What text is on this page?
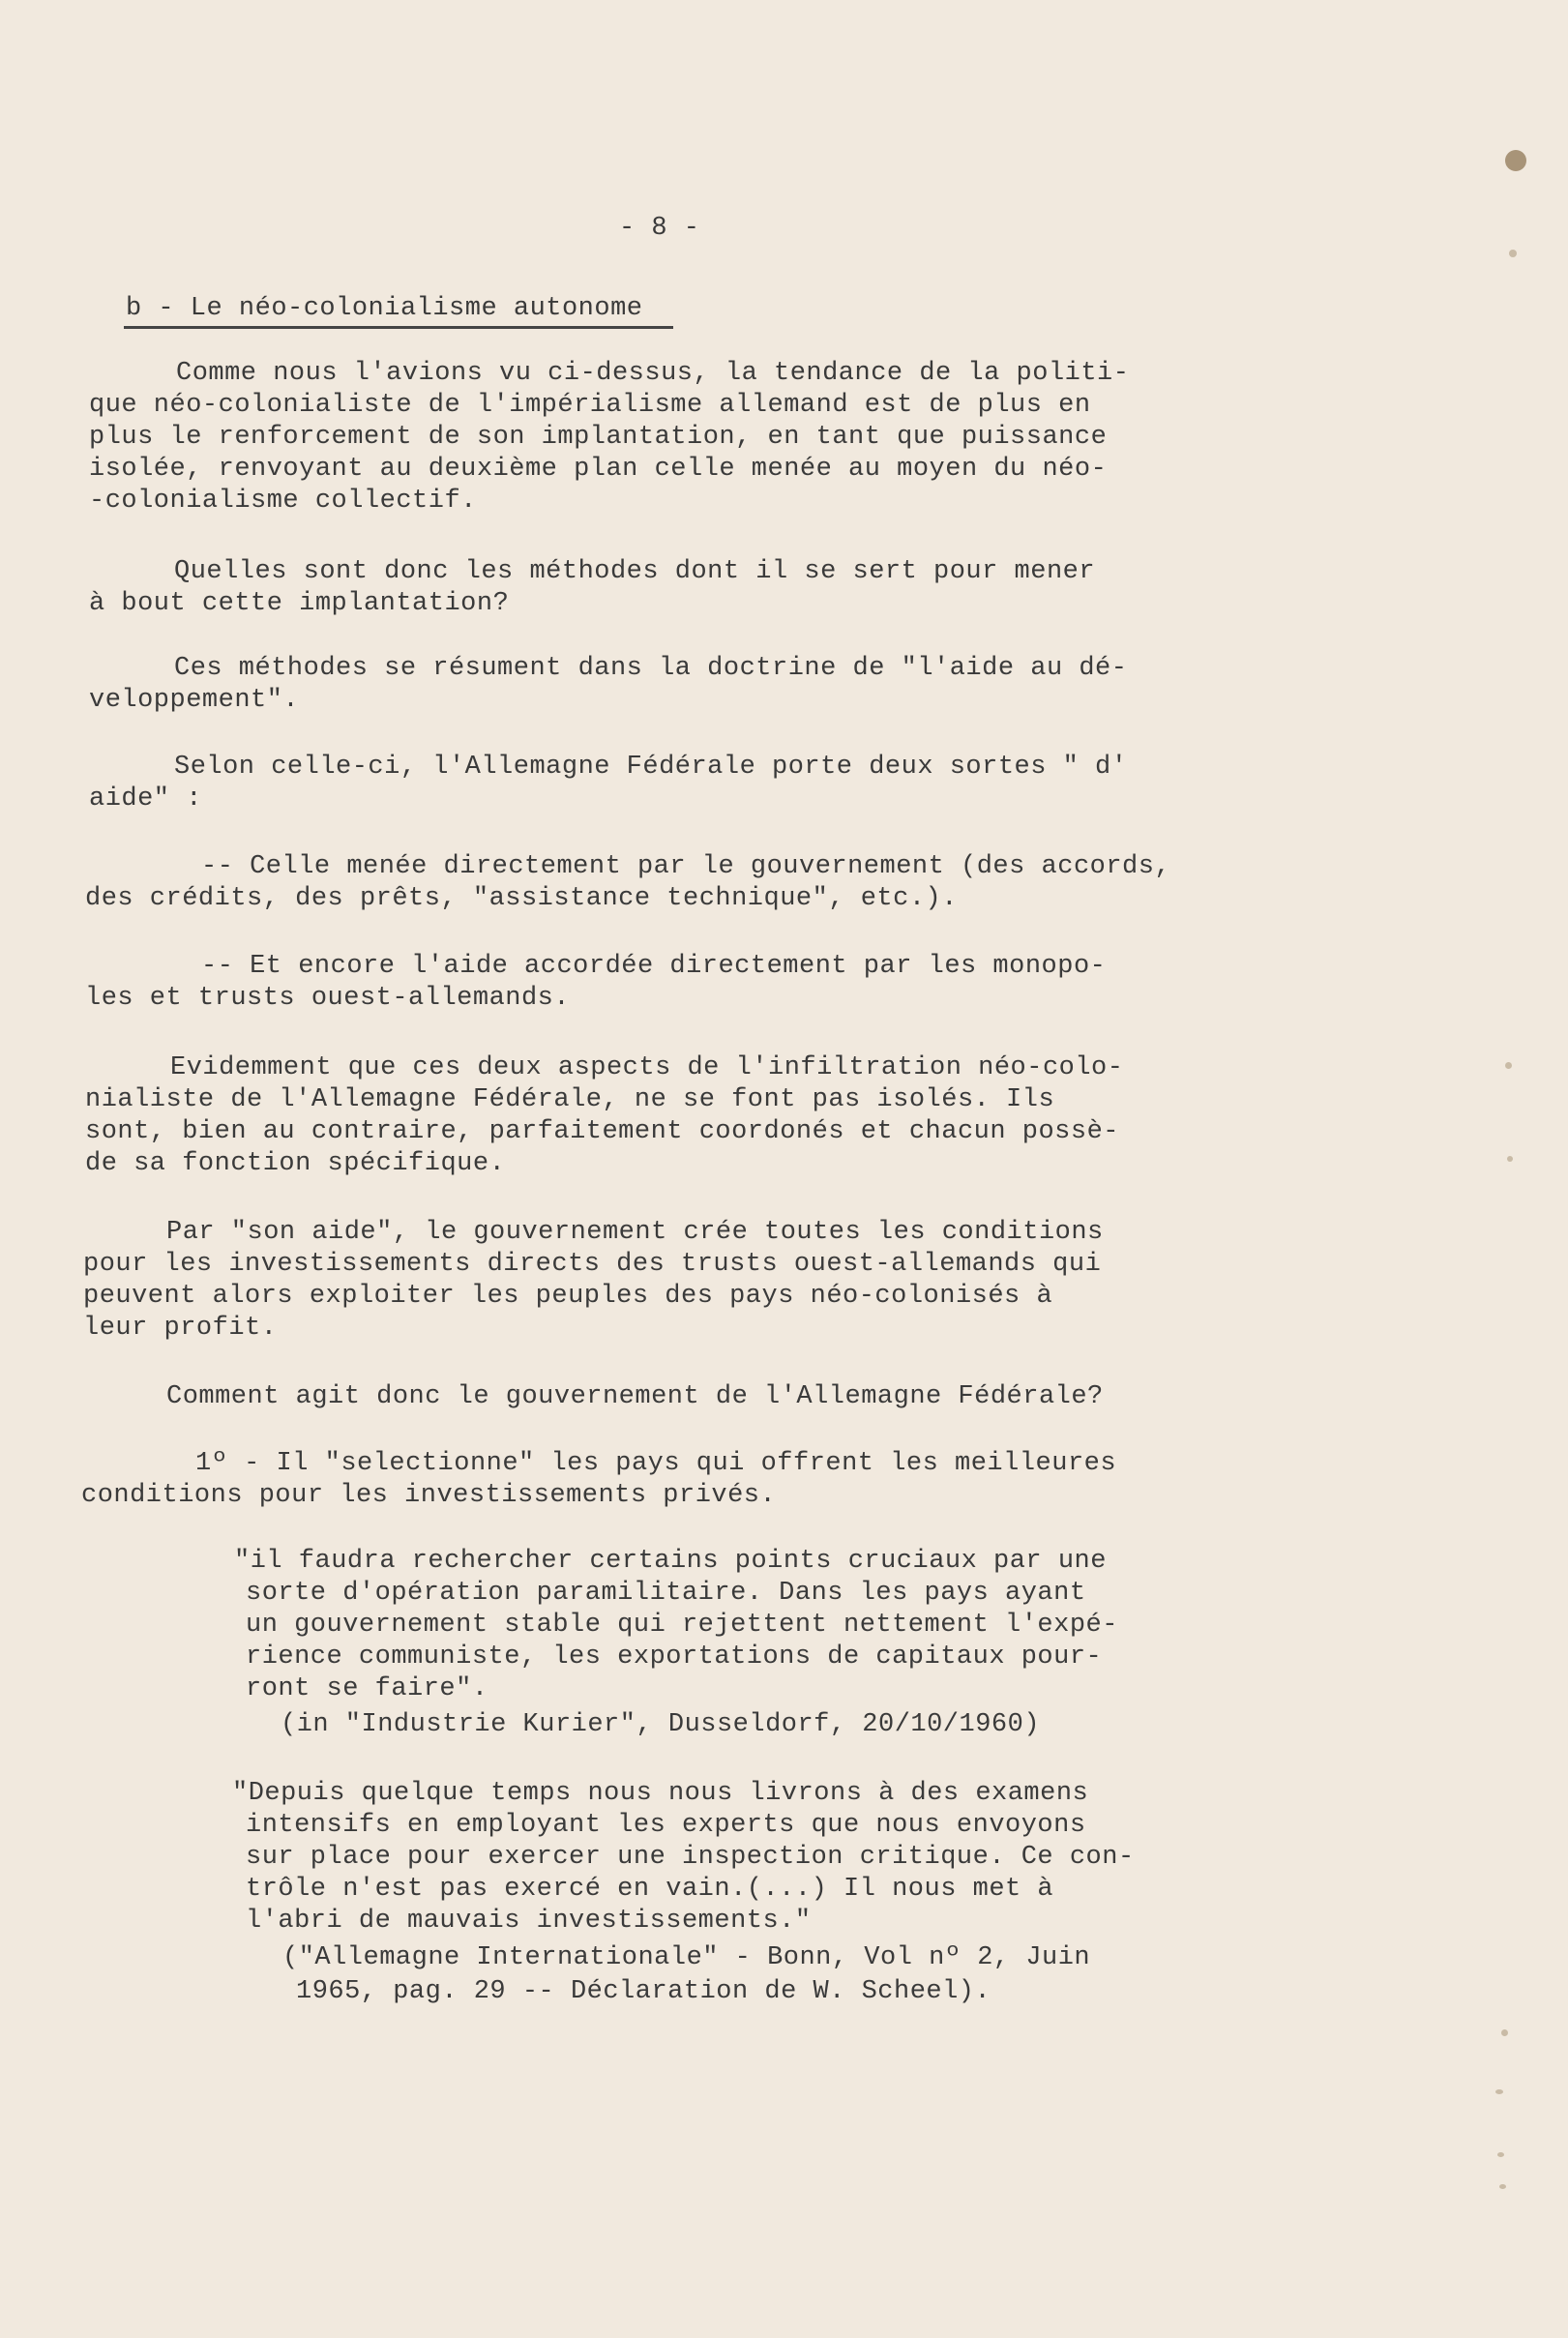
- 8 -
b - Le néo-colonialisme autonome
Comme nous l'avions vu ci-dessus, la tendance de la politi-
que néo-colonialiste de l'impérialisme allemand est de plus en
plus le renforcement de son implantation, en tant que puissance
isolée, renvoyant au deuxième plan celle menée au moyen du néo-
-colonialisme collectif.
Quelles sont donc les méthodes dont il se sert pour mener
à bout cette implantation?
Ces méthodes se résument dans la doctrine de "l'aide au dé-
veloppement".
Selon celle-ci, l'Allemagne Fédérale porte deux sortes " d'
aide" :
-- Celle menée directement par le gouvernement (des accords,
des crédits, des prêts, "assistance technique", etc.).
-- Et encore l'aide accordée directement par les monopo-
les et trusts ouest-allemands.
Evidemment que ces deux aspects de l'infiltration néo-colo-
nialiste de l'Allemagne Fédérale, ne se font pas isolés. Ils
sont, bien au contraire, parfaitement coordonés et chacun possè-
de sa fonction spécifique.
Par "son aide", le gouvernement crée toutes les conditions
pour les investissements directs des trusts ouest-allemands qui
peuvent alors exploiter les peuples des pays néo-colonisés à
leur profit.
Comment agit donc le gouvernement de l'Allemagne Fédérale?
1º - Il "selectionne" les pays qui offrent les meilleures
conditions pour les investissements privés.
"il faudra rechercher certains points cruciaux par une
sorte d'opération paramilitaire. Dans les pays ayant
un gouvernement stable qui rejettent nettement l'expé-
rience communiste, les exportations de capitaux pour-
ront se faire".
(in "Industrie Kurier", Dusseldorf, 20/10/1960)
"Depuis quelque temps nous nous livrons à des examens
intensifs en employant les experts que nous envoyons
sur place pour exercer une inspection critique. Ce con-
trôle n'est pas exercé en vain.(...) Il nous met à
l'abri de mauvais investissements."
("Allemagne Internationale" - Bonn, Vol nº 2, Juin
1965, pag. 29 -- Déclaration de W. Scheel).
